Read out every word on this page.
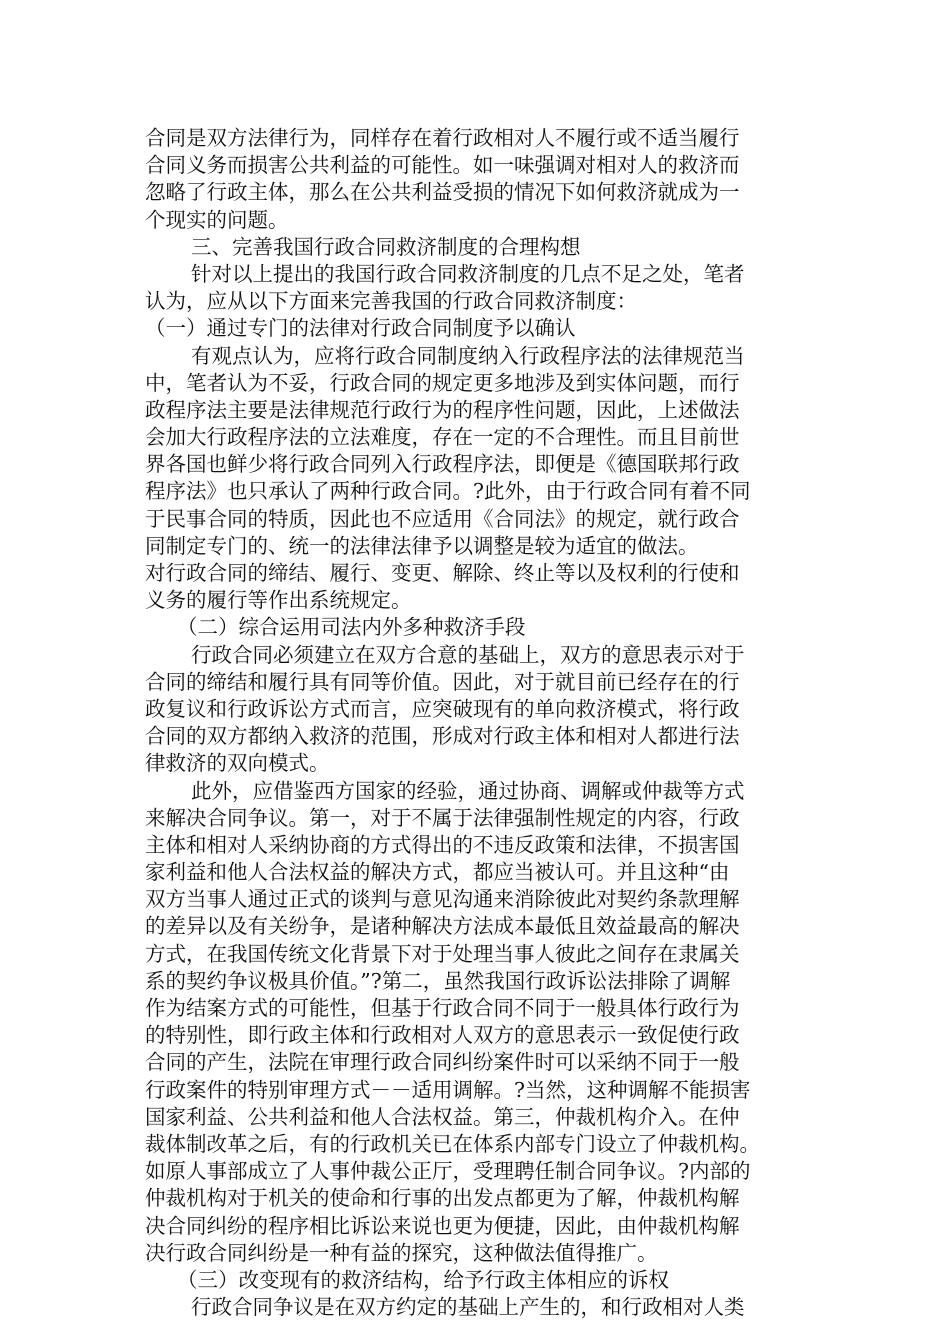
合同是双方法律行为，同样存在着行政相对人不履行或不适当履行
合同义务而损害公共利益的可能性。如一味强调对相对人的救济而
忽略了行政主体，那么在公共利益受损的情况下如何救济就成为一
个现实的问题。
三、完善我国行政合同救济制度的合理构想
针对以上提出的我国行政合同救济制度的几点不足之处，笔者
认为，应从以下方面来完善我国的行政合同救济制度：
（一）通过专门的法律对行政合同制度予以确认
有观点认为，应将行政合同制度纳入行政程序法的法律规范当
中，笔者认为不妥，行政合同的规定更多地涉及到实体问题，而行
政程序法主要是法律规范行政行为的程序性问题，因此，上述做法
会加大行政程序法的立法难度，存在一定的不合理性。而且目前世
界各国也鲜少将行政合同列入行政程序法，即便是《德国联邦行政
程序法》也只承认了两种行政合同。?此外，由于行政合同有着不同
于民事合同的特质，因此也不应适用《合同法》的规定，就行政合
同制定专门的、统一的法律法律予以调整是较为适宜的做法。
对行政合同的缔结、履行、变更、解除、终止等以及权利的行使和
义务的履行等作出系统规定。
（二）综合运用司法内外多种救济手段
行政合同必须建立在双方合意的基础上，双方的意思表示对于
合同的缔结和履行具有同等价值。因此，对于就目前已经存在的行
政复议和行政诉讼方式而言，应突破现有的单向救济模式，将行政
合同的双方都纳入救济的范围，形成对行政主体和相对人都进行法
律救济的双向模式。
此外，应借鉴西方国家的经验，通过协商、调解或仲裁等方式
来解决合同争议。第一，对于不属于法律强制性规定的内容，行政
主体和相对人采纳协商的方式得出的不违反政策和法律，不损害国
家利益和他人合法权益的解决方式，都应当被认可。并且这种“由
双方当事人通过正式的谈判与意见沟通来消除彼此对契约条款理解
的差异以及有关纷争，是诸种解决方法成本最低且效益最高的解决
方式，在我国传统文化背景下对于处理当事人彼此之间存在隶属关
系的契约争议极具价值。”?第二，虽然我国行政诉讼法排除了调解
作为结案方式的可能性，但基于行政合同不同于一般具体行政行为
的特别性，即行政主体和行政相对人双方的意思表示一致促使行政
合同的产生，法院在审理行政合同纠纷案件时可以采纳不同于一般
行政案件的特别审理方式－－适用调解。?当然，这种调解不能损害
国家利益、公共利益和他人合法权益。第三，仲裁机构介入。在仲
裁体制改革之后，有的行政机关已在体系内部专门设立了仲裁机构。
如原人事部成立了人事仲裁公正厅，受理聘任制合同争议。?内部的
仲裁机构对于机关的使命和行事的出发点都更为了解，仲裁机构解
决合同纠纷的程序相比诉讼来说也更为便捷，因此，由仲裁机构解
决行政合同纠纷是一种有益的探究，这种做法值得推广。
（三）改变现有的救济结构，给予行政主体相应的诉权
行政合同争议是在双方约定的基础上产生的，和行政相对人类
